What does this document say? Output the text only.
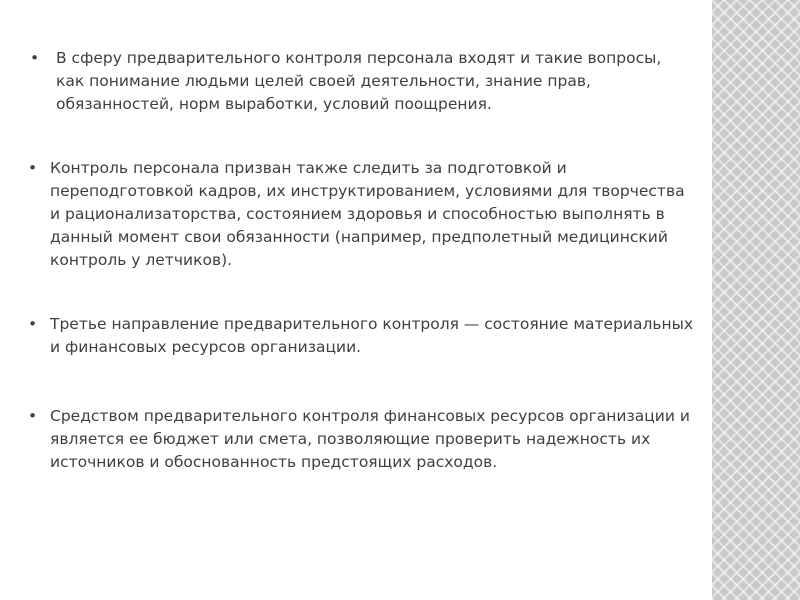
•	В сферу предварительного контроля персонала входят и такие вопросы, как понимание людьми целей своей деятельности, знание прав, обязанностей, норм выработки, условий поощрения.
• Контроль персонала призван также следить за подготовкой и переподготовкой кадров, их инструктированием, условиями для творчества и рационализаторства, состоянием здоровья и способностью выполнять в данный момент свои обязанности (например, предполетный медицинский контроль у летчиков).
• Третье направление предварительного контроля — состояние материальных и финансовых ресурсов организации.
• Средством предварительного контроля финансовых ресурсов организации и является ее бюджет или смета, позволяющие проверить надежность их источников и обоснованность предстоящих расходов.
